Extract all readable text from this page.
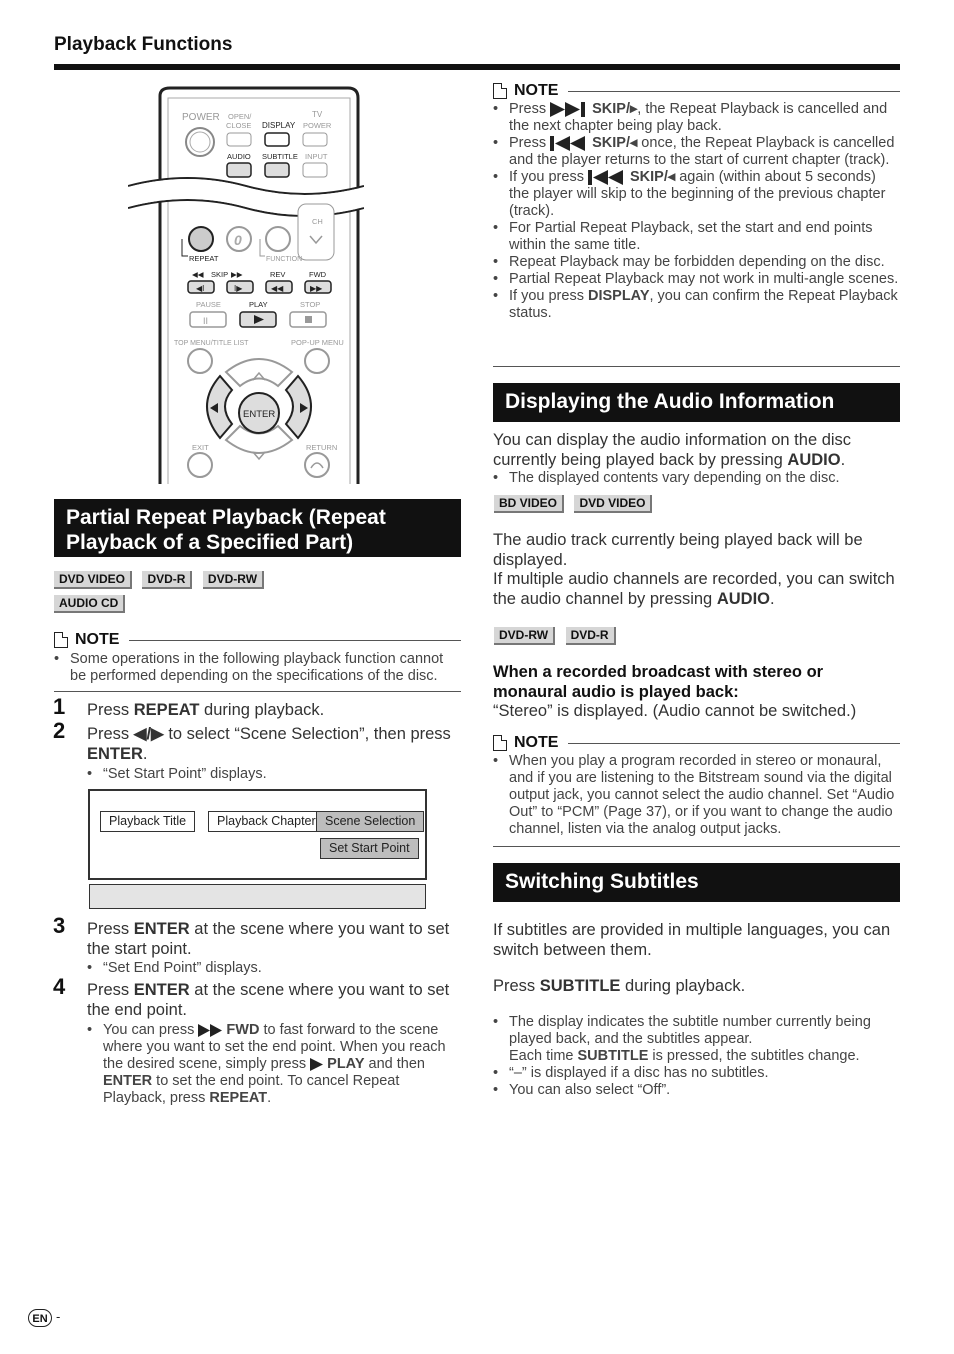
Playback Functions
POWER OPEN/
CLOSE DISPLAY
TV
POWER
AUDIO SUBTITLE INPUT
CH
REPEAT
0
FUNCTION
◀◀ SKIP ▶▶	REV	FWD
◀I	I▶	◀◀	▶▶
PAUSE	PLAY	STOP
II
TOP MENU/TITLE LIST	POP-UP MENU
ENTER
EXIT	RETURN
Partial Repeat Playback (Repeat
Playback of a Specified Part)
DVD VIDEO DVD-R DVD-RW
AUDIO CD
NOTE
• Some operations in the following playback function cannot be performed depending on the specifications of the disc.
1 Press REPEAT during playback.
2 Press ◀/▶ to select “Scene Selection”, then press ENTER.
• “Set Start Point” displays.
Playback Title	Playback Chapter Scene Selection
Set Start Point
3 Press ENTER at the scene where you want to set the start point.
• “Set End Point” displays.
4 Press ENTER at the scene where you want to set the end point.
• You can press  FWD to fast forward to the scene where you want to set the end point. When you reach the desired scene, simply press  PLAY and then ENTER to set the end point. To cancel Repeat Playback, press REPEAT.
NOTE
• Press	SKIP/▸, the Repeat Playback is cancelled and the next chapter being play back.
• Press	SKIP/◂ once, the Repeat Playback is cancelled and the player returns to the start of current chapter (track).
• If you press	SKIP/◂ again (within about 5 seconds) the player will skip to the beginning of the previous chapter (track).
• For Partial Repeat Playback, set the start and end points within the same title.
• Repeat Playback may be forbidden depending on the disc.
• Partial Repeat Playback may not work in multi-angle scenes.
• If you press DISPLAY, you can confirm the Repeat Playback status.
Displaying the Audio Information
You can display the audio information on the disc currently being played back by pressing AUDIO.
• The displayed contents vary depending on the disc.
BD VIDEO DVD VIDEO
The audio track currently being played back will be displayed.
If multiple audio channels are recorded, you can switch the audio channel by pressing AUDIO.
DVD-RW DVD-R
When a recorded broadcast with stereo or monaural audio is played back:
“Stereo” is displayed. (Audio cannot be switched.)
NOTE
• When you play a program recorded in stereo or monaural, and if you are listening to the Bitstream sound via the digital output jack, you cannot select the audio channel. Set “Audio Out” to “PCM” (Page 37), or if you want to change the audio channel, listen via the analog output jacks.
Switching Subtitles
If subtitles are provided in multiple languages, you can switch between them.
Press SUBTITLE during playback.
• The display indicates the subtitle number currently being played back, and the subtitles appear.
Each time SUBTITLE is pressed, the subtitles change.
• “–” is displayed if a disc has no subtitles.
• You can also select “Off”.
EN -
